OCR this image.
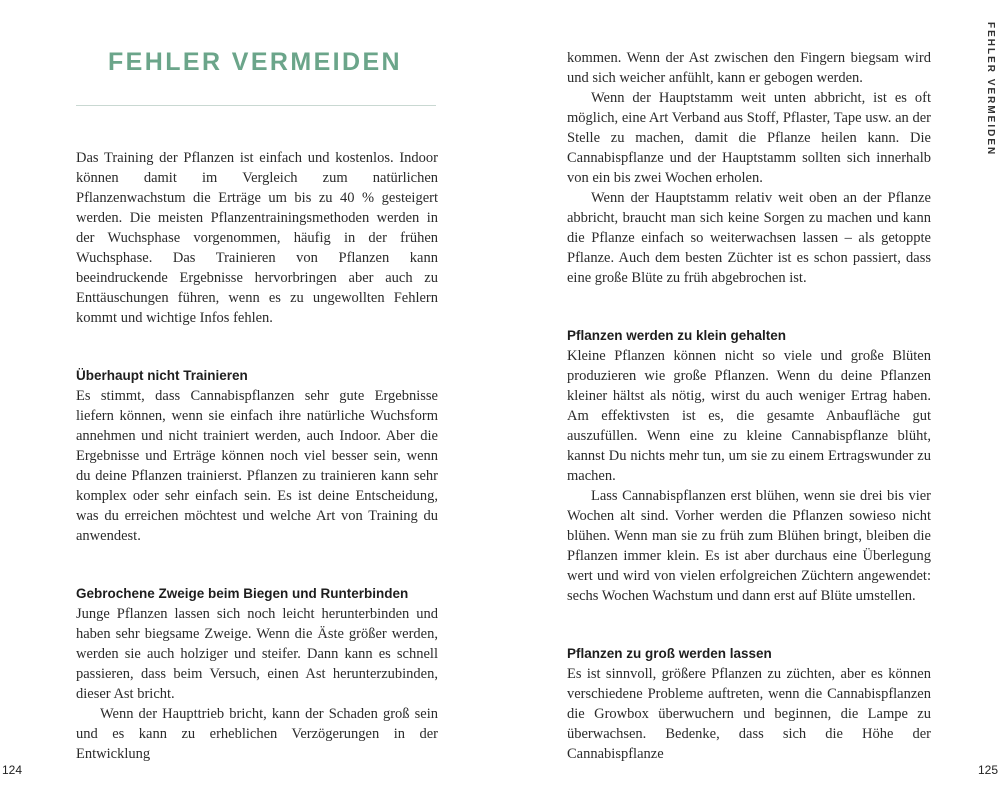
FEHLER VERMEIDEN

Das Training der Pflanzen ist einfach und kostenlos. Indoor können damit im Vergleich zum natürlichen Pflanzenwachstum die Erträge um bis zu 40 % gesteigert werden. Die meisten Pflanzentrainingsmethoden werden in der Wuchsphase vorgenommen, häufig in der frühen Wuchsphase. Das Trainieren von Pflanzen kann beeindruckende Ergebnisse hervorbringen aber auch zu Enttäuschungen führen, wenn es zu ungewollten Fehlern kommt und wichtige Infos fehlen.

Überhaupt nicht Trainieren

Es stimmt, dass Cannabispflanzen sehr gute Ergebnisse liefern können, wenn sie einfach ihre natürliche Wuchsform annehmen und nicht trainiert werden, auch Indoor. Aber die Ergebnisse und Erträge können noch viel besser sein, wenn du deine Pflanzen trainierst. Pflanzen zu trainieren kann sehr komplex oder sehr einfach sein. Es ist deine Entscheidung, was du erreichen möchtest und welche Art von Training du anwendest.

Gebrochene Zweige beim Biegen und Runterbinden

Junge Pflanzen lassen sich noch leicht herunterbinden und haben sehr biegsame Zweige. Wenn die Äste größer werden, werden sie auch holziger und steifer. Dann kann es schnell passieren, dass beim Versuch, einen Ast herunterzubinden, dieser Ast bricht.

Wenn der Haupttrieb bricht, kann der Schaden groß sein und es kann zu erheblichen Verzögerungen in der Entwicklung

124

kommen. Wenn der Ast zwischen den Fingern biegsam wird und sich weicher anfühlt, kann er gebogen werden.

Wenn der Hauptstamm weit unten abbricht, ist es oft möglich, eine Art Verband aus Stoff, Pflaster, Tape usw. an der Stelle zu machen, damit die Pflanze heilen kann. Die Cannabispflanze und der Hauptstamm sollten sich innerhalb von ein bis zwei Wochen erholen.

Wenn der Hauptstamm relativ weit oben an der Pflanze abbricht, braucht man sich keine Sorgen zu machen und kann die Pflanze einfach so weiterwachsen lassen – als getoppte Pflanze. Auch dem besten Züchter ist es schon passiert, dass eine große Blüte zu früh abgebrochen ist.

Pflanzen werden zu klein gehalten

Kleine Pflanzen können nicht so viele und große Blüten produzieren wie große Pflanzen. Wenn du deine Pflanzen kleiner hältst als nötig, wirst du auch weniger Ertrag haben. Am effektivsten ist es, die gesamte Anbaufläche gut auszufüllen. Wenn eine zu kleine Cannabispflanze blüht, kannst Du nichts mehr tun, um sie zu einem Ertragswunder zu machen.

Lass Cannabispflanzen erst blühen, wenn sie drei bis vier Wochen alt sind. Vorher werden die Pflanzen sowieso nicht blühen. Wenn man sie zu früh zum Blühen bringt, bleiben die Pflanzen immer klein. Es ist aber durchaus eine Überlegung wert und wird von vielen erfolgreichen Züchtern angewendet: sechs Wochen Wachstum und dann erst auf Blüte umstellen.

Pflanzen zu groß werden lassen

Es ist sinnvoll, größere Pflanzen zu züchten, aber es können verschiedene Probleme auftreten, wenn die Cannabispflanzen die Growbox überwuchern und beginnen, die Lampe zu überwachsen. Bedenke, dass sich die Höhe der Cannabispflanze

FEHLER VERMEIDEN
125
